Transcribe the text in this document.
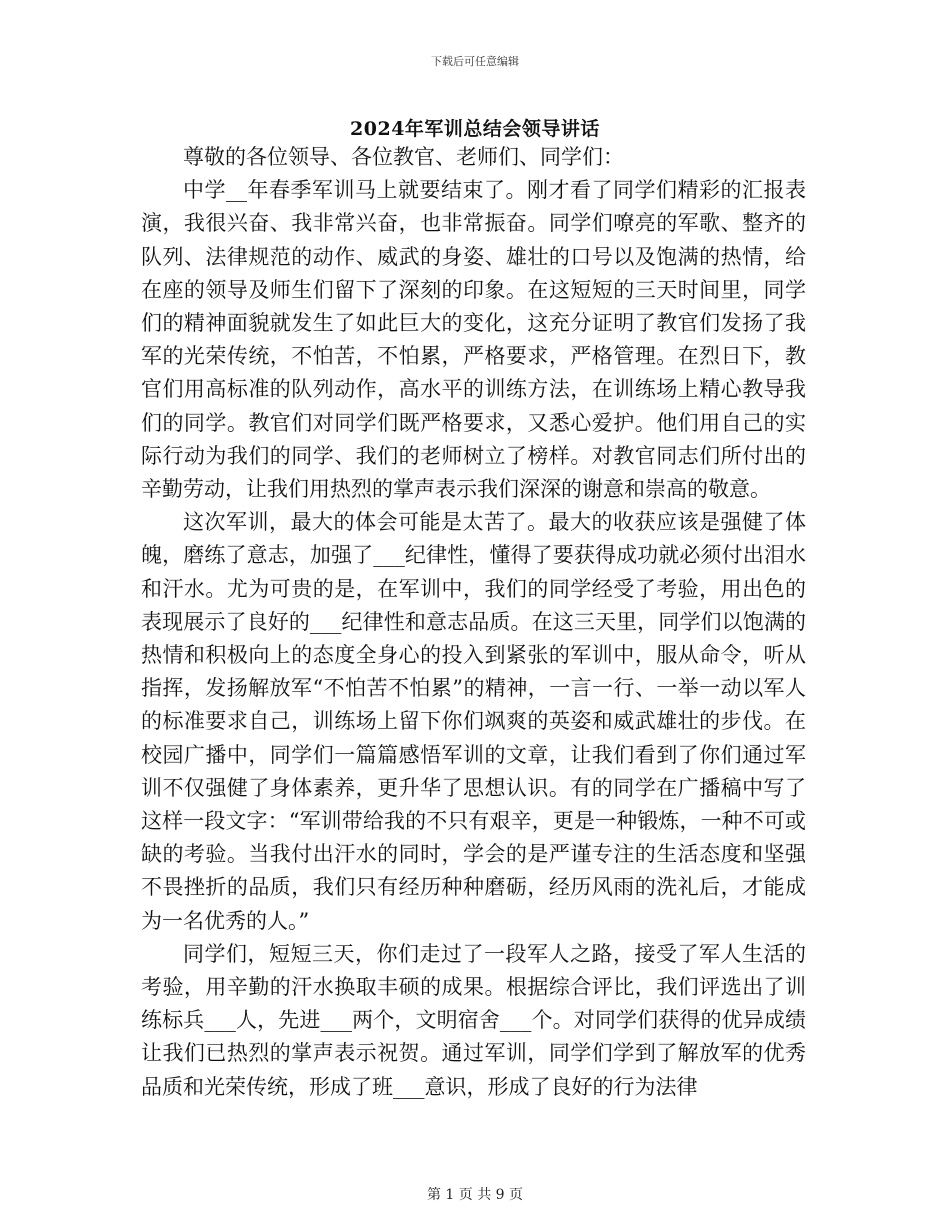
下载后可任意编辑
2024年军训总结会领导讲话

尊敬的各位领导、各位教官、老师们、同学们：

中学__年春季军训马上就要结束了。刚才看了同学们精彩的汇报表演，我很兴奋、我非常兴奋，也非常振奋。同学们嘹亮的军歌、整齐的队列、法律规范的动作、威武的身姿、雄壮的口号以及饱满的热情，给在座的领导及师生们留下了深刻的印象。在这短短的三天时间里，同学们的精神面貌就发生了如此巨大的变化，这充分证明了教官们发扬了我军的光荣传统，不怕苦，不怕累，严格要求，严格管理。在烈日下，教官们用高标准的队列动作，高水平的训练方法，在训练场上精心教导我们的同学。教官们对同学们既严格要求，又悉心爱护。他们用自己的实际行动为我们的同学、我们的老师树立了榜样。对教官同志们所付出的辛勤劳动，让我们用热烈的掌声表示我们深深的谢意和崇高的敬意。

这次军训，最大的体会可能是太苦了。最大的收获应该是强健了体魄，磨练了意志，加强了___纪律性，懂得了要获得成功就必须付出泪水和汗水。尤为可贵的是，在军训中，我们的同学经受了考验，用出色的表现展示了良好的___纪律性和意志品质。在这三天里，同学们以饱满的热情和积极向上的态度全身心的投入到紧张的军训中，服从命令，听从指挥，发扬解放军“不怕苦不怕累”的精神，一言一行、一举一动以军人的标准要求自己，训练场上留下你们飒爽的英姿和威武雄壮的步伐。在校园广播中，同学们一篇篇感悟军训的文章，让我们看到了你们通过军训不仅强健了身体素养，更升华了思想认识。有的同学在广播稿中写了这样一段文字：“军训带给我的不只有艰辛，更是一种锻炼，一种不可或缺的考验。当我付出汗水的同时，学会的是严谨专注的生活态度和坚强不畏挫折的品质，我们只有经历种种磨砺，经历风雨的洗礼后，才能成为一名优秀的人。”

同学们，短短三天，你们走过了一段军人之路，接受了军人生活的考验，用辛勤的汗水换取丰硕的成果。根据综合评比，我们评选出了训练标兵___人，先进___两个，文明宿舍___个。对同学们获得的优异成绩让我们已热烈的掌声表示祝贺。通过军训，同学们学到了解放军的优秀品质和光荣传统，形成了班___意识，形成了良好的行为法律

第 1 页 共 9 页
